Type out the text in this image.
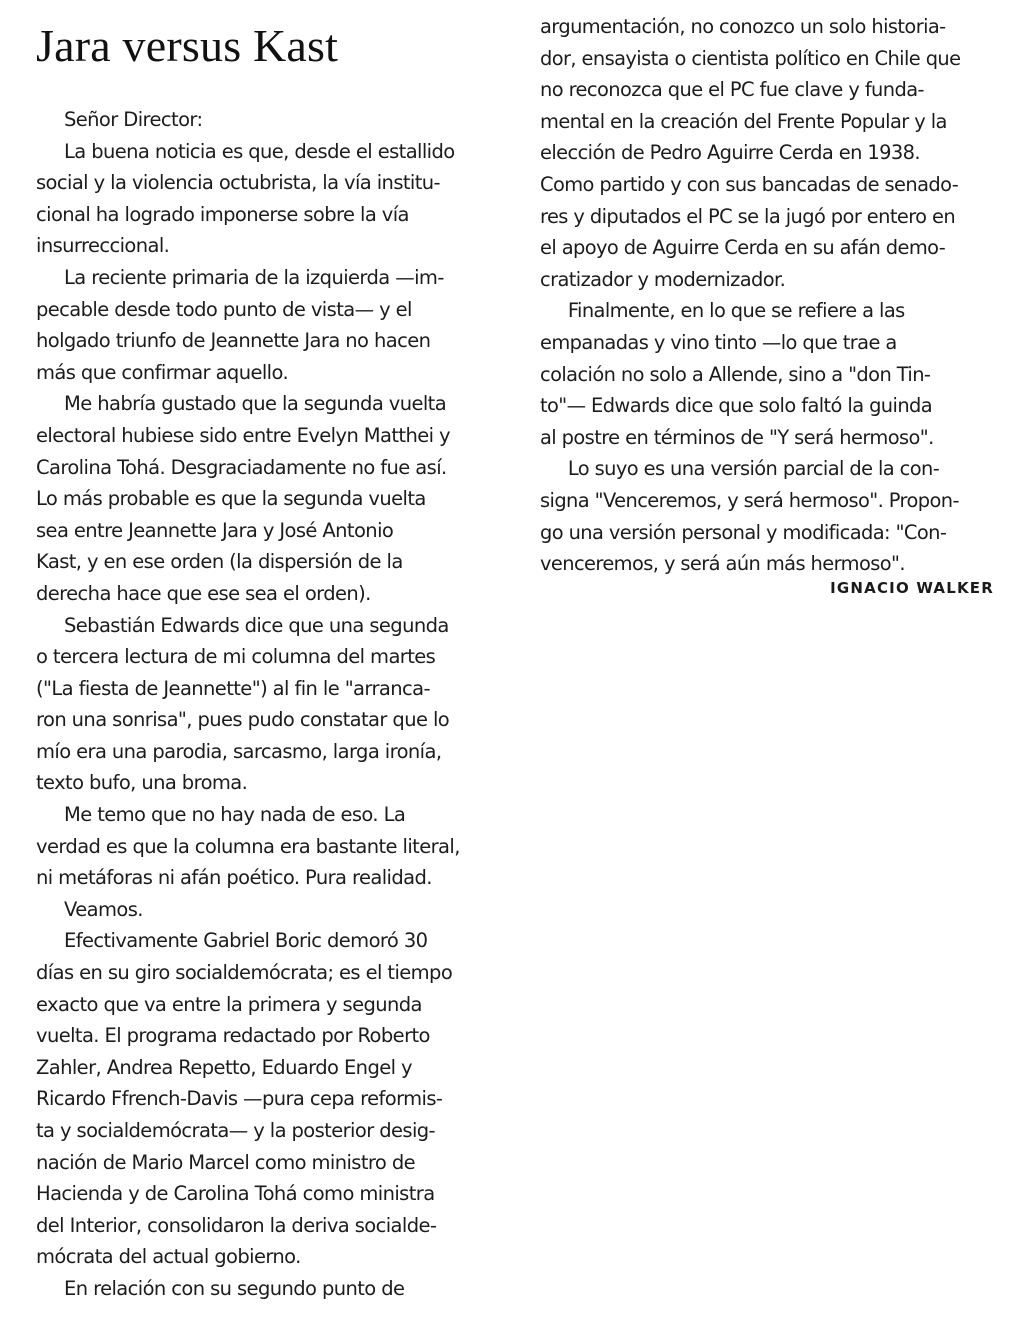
Jara versus Kast
Señor Director:
La buena noticia es que, desde el estallido
social y la violencia octubrista, la vía institu-
cional ha logrado imponerse sobre la vía
insurreccional.
La reciente primaria de la izquierda —im-
pecable desde todo punto de vista— y el
holgado triunfo de Jeannette Jara no hacen
más que confirmar aquello.
Me habría gustado que la segunda vuelta
electoral hubiese sido entre Evelyn Matthei y
Carolina Tohá. Desgraciadamente no fue así.
Lo más probable es que la segunda vuelta
sea entre Jeannette Jara y José Antonio
Kast, y en ese orden (la dispersión de la
derecha hace que ese sea el orden).
Sebastián Edwards dice que una segunda
o tercera lectura de mi columna del martes
("La fiesta de Jeannette") al fin le "arranca-
ron una sonrisa", pues pudo constatar que lo
mío era una parodia, sarcasmo, larga ironía,
texto bufo, una broma.
Me temo que no hay nada de eso. La
verdad es que la columna era bastante literal,
ni metáforas ni afán poético. Pura realidad.
Veamos.
Efectivamente Gabriel Boric demoró 30
días en su giro socialdemócrata; es el tiempo
exacto que va entre la primera y segunda
vuelta. El programa redactado por Roberto
Zahler, Andrea Repetto, Eduardo Engel y
Ricardo Ffrench-Davis —pura cepa reformis-
ta y socialdemócrata— y la posterior desig-
nación de Mario Marcel como ministro de
Hacienda y de Carolina Tohá como ministra
del Interior, consolidaron la deriva socialde-
mócrata del actual gobierno.
En relación con su segundo punto de
argumentación, no conozco un solo historia-
dor, ensayista o cientista político en Chile que
no reconozca que el PC fue clave y funda-
mental en la creación del Frente Popular y la
elección de Pedro Aguirre Cerda en 1938.
Como partido y con sus bancadas de senado-
res y diputados el PC se la jugó por entero en
el apoyo de Aguirre Cerda en su afán demo-
cratizador y modernizador.
Finalmente, en lo que se refiere a las
empanadas y vino tinto —lo que trae a
colación no solo a Allende, sino a "don Tin-
to"— Edwards dice que solo faltó la guinda
al postre en términos de "Y será hermoso".
Lo suyo es una versión parcial de la con-
signa "Venceremos, y será hermoso". Propon-
go una versión personal y modificada: "Con-
venceremos, y será aún más hermoso".
IGNACIO WALKER
